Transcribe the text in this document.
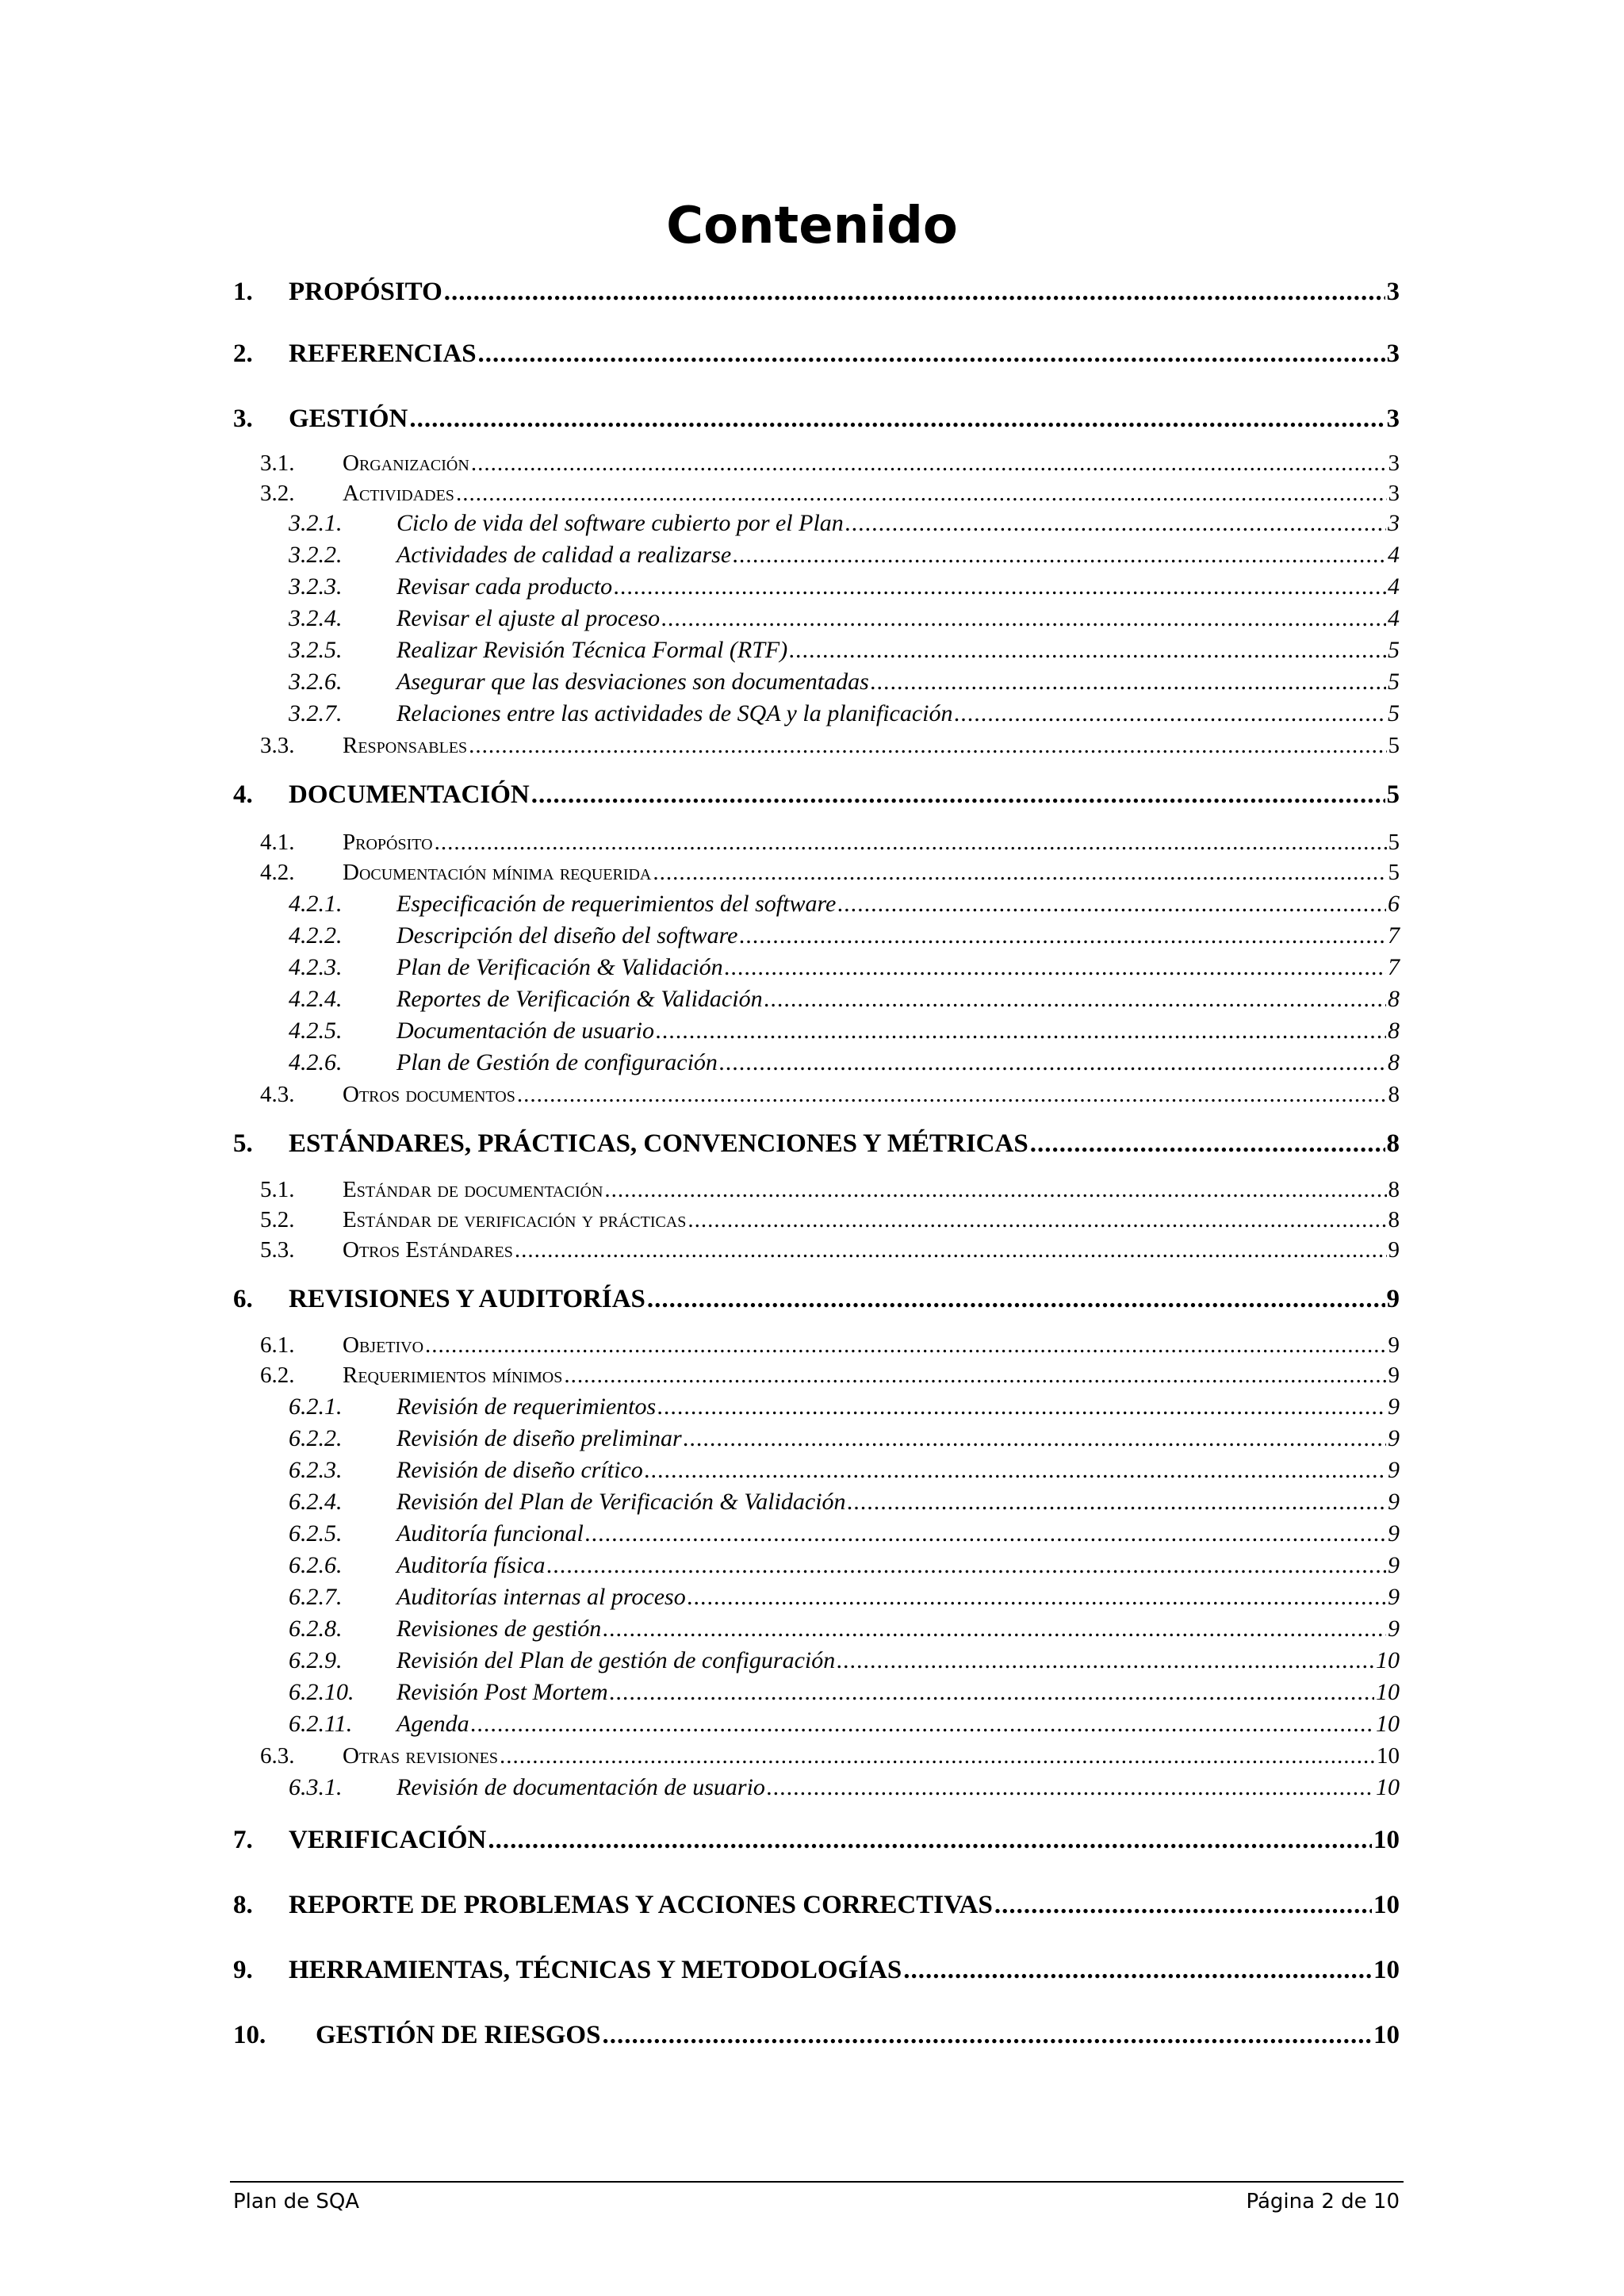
Contenido
1.	PROPÓSITO .....	3
2.	REFERENCIAS .....	3
3.	GESTIÓN .....	3
3.1.	Organización .....	3
3.2.	Actividades .....	3
3.2.1.	Ciclo de vida del software cubierto por el Plan .....	3
3.2.2.	Actividades de calidad a realizarse .....	4
3.2.3.	Revisar cada producto .....	4
3.2.4.	Revisar el ajuste al proceso .....	4
3.2.5.	Realizar Revisión Técnica Formal (RTF) .....	5
3.2.6.	Asegurar que las desviaciones son documentadas .....	5
3.2.7.	Relaciones entre las actividades de SQA y la planificación .....	5
3.3.	Responsables .....	5
4.	DOCUMENTACIÓN .....	5
4.1.	Propósito .....	5
4.2.	Documentación mínima requerida .....	5
4.2.1.	Especificación de requerimientos del software .....	6
4.2.2.	Descripción del diseño del software .....	7
4.2.3.	Plan de Verificación & Validación .....	7
4.2.4.	Reportes de Verificación & Validación .....	8
4.2.5.	Documentación de usuario .....	8
4.2.6.	Plan de Gestión de configuración .....	8
4.3.	Otros documentos .....	8
5.	ESTÁNDARES, PRÁCTICAS, CONVENCIONES Y MÉTRICAS .....	8
5.1.	Estándar de documentación .....	8
5.2.	Estándar de verificación y prácticas .....	8
5.3.	Otros Estándares .....	9
6.	REVISIONES Y AUDITORÍAS .....	9
6.1.	Objetivo .....	9
6.2.	Requerimientos mínimos .....	9
6.2.1.	Revisión de requerimientos .....	9
6.2.2.	Revisión de diseño preliminar .....	9
6.2.3.	Revisión de diseño crítico .....	9
6.2.4.	Revisión del Plan de Verificación & Validación .....	9
6.2.5.	Auditoría funcional .....	9
6.2.6.	Auditoría física .....	9
6.2.7.	Auditorías internas al proceso .....	9
6.2.8.	Revisiones de gestión .....	9
6.2.9.	Revisión del Plan de gestión de configuración .....	10
6.2.10.	Revisión Post Mortem .....	10
6.2.11.	Agenda .....	10
6.3.	Otras revisiones .....	10
6.3.1.	Revisión de documentación de usuario .....	10
7.	VERIFICACIÓN .....	10
8.	REPORTE DE PROBLEMAS Y ACCIONES CORRECTIVAS .....	10
9.	HERRAMIENTAS, TÉCNICAS Y METODOLOGÍAS .....	10
10.	GESTIÓN DE RIESGOS .....	10
Plan de SQA	Página 2 de 10
